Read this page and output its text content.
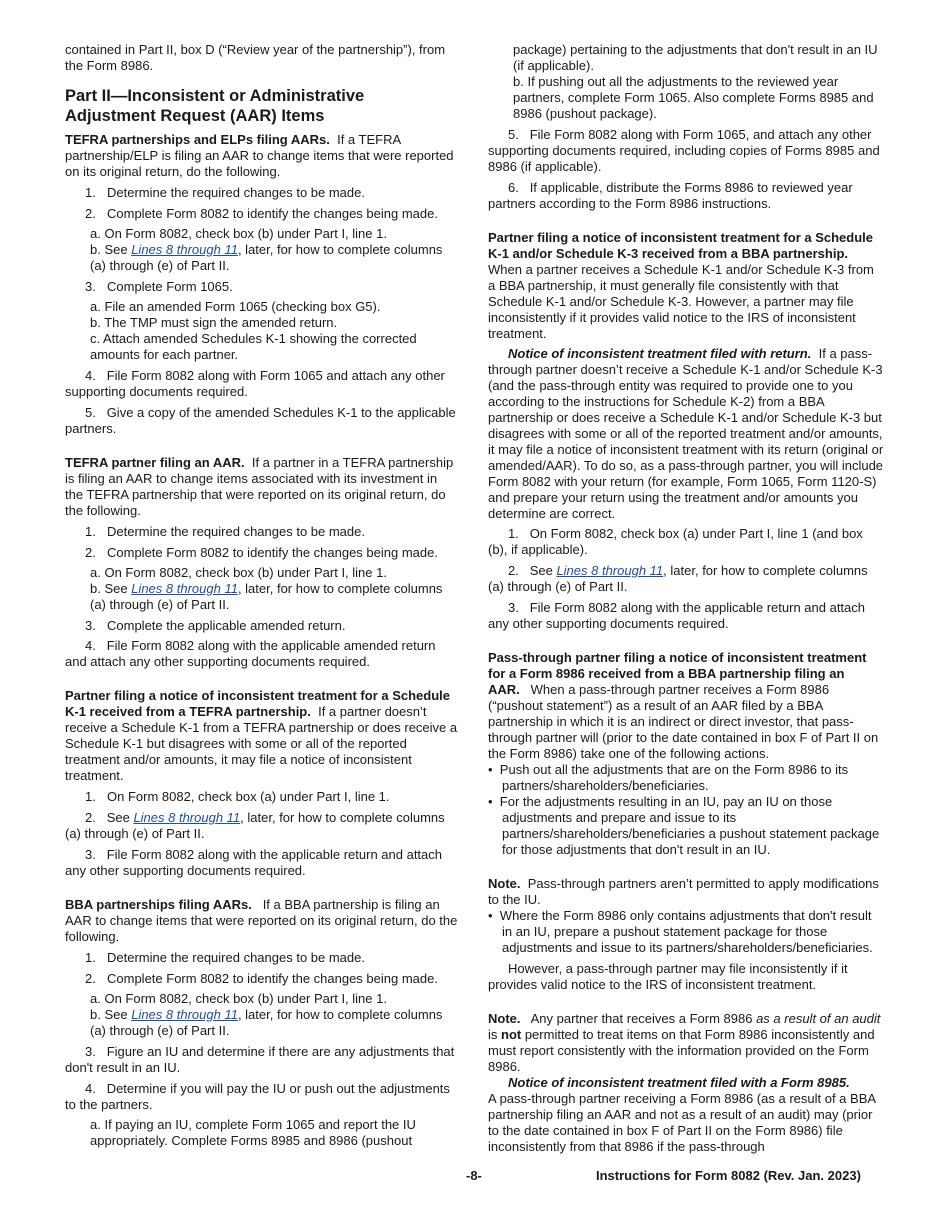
contained in Part II, box D (“Review year of the partnership”), from the Form 8986.

Part II—Inconsistent or Administrative Adjustment Request (AAR) Items

TEFRA partnerships and ELPs filing AARs. If a TEFRA partnership/ELP is filing an AAR to change items that were reported on its original return, do the following.

1. Determine the required changes to be made.

2. Complete Form 8082 to identify the changes being made.

a. On Form 8082, check box (b) under Part I, line 1.

b. See Lines 8 through 11, later, for how to complete columns (a) through (e) of Part II.

3. Complete Form 1065.

a. File an amended Form 1065 (checking box G5).

b. The TMP must sign the amended return.

c. Attach amended Schedules K-1 showing the corrected amounts for each partner.

4. File Form 8082 along with Form 1065 and attach any other supporting documents required.

5. Give a copy of the amended Schedules K-1 to the applicable partners.

TEFRA partner filing an AAR. If a partner in a TEFRA partnership is filing an AAR to change items associated with its investment in the TEFRA partnership that were reported on its original return, do the following.

1. Determine the required changes to be made.

2. Complete Form 8082 to identify the changes being made.

a. On Form 8082, check box (b) under Part I, line 1.

b. See Lines 8 through 11, later, for how to complete columns (a) through (e) of Part II.

3. Complete the applicable amended return.

4. File Form 8082 along with the applicable amended return and attach any other supporting documents required.

Partner filing a notice of inconsistent treatment for a Schedule K-1 received from a TEFRA partnership. If a partner doesn’t receive a Schedule K-1 from a TEFRA partnership or does receive a Schedule K-1 but disagrees with some or all of the reported treatment and/or amounts, it may file a notice of inconsistent treatment.

1. On Form 8082, check box (a) under Part I, line 1.

2. See Lines 8 through 11, later, for how to complete columns (a) through (e) of Part II.

3. File Form 8082 along with the applicable return and attach any other supporting documents required.

BBA partnerships filing AARs. If a BBA partnership is filing an AAR to change items that were reported on its original return, do the following.

1. Determine the required changes to be made.

2. Complete Form 8082 to identify the changes being made.

a. On Form 8082, check box (b) under Part I, line 1.

b. See Lines 8 through 11, later, for how to complete columns (a) through (e) of Part II.

3. Figure an IU and determine if there are any adjustments that don't result in an IU.

4. Determine if you will pay the IU or push out the adjustments to the partners.

a. If paying an IU, complete Form 1065 and report the IU appropriately. Complete Forms 8985 and 8986 (pushout

package) pertaining to the adjustments that don't result in an IU (if applicable).

b. If pushing out all the adjustments to the reviewed year partners, complete Form 1065. Also complete Forms 8985 and 8986 (pushout package).

5. File Form 8082 along with Form 1065, and attach any other supporting documents required, including copies of Forms 8985 and 8986 (if applicable).

6. If applicable, distribute the Forms 8986 to reviewed year partners according to the Form 8986 instructions.

Partner filing a notice of inconsistent treatment for a Schedule K-1 and/or Schedule K-3 received from a BBA partnership.  When a partner receives a Schedule K-1 and/or Schedule K-3 from a BBA partnership, it must generally file consistently with that Schedule K-1 and/or Schedule K-3. However, a partner may file inconsistently if it provides valid notice to the IRS of inconsistent treatment.

Notice of inconsistent treatment filed with return. If a pass-through partner doesn’t receive a Schedule K-1 and/or Schedule K-3 (and the pass-through entity was required to provide one to you according to the instructions for Schedule K-2) from a BBA partnership or does receive a Schedule K-1 and/or Schedule K-3 but disagrees with some or all of the reported treatment and/or amounts, it may file a notice of inconsistent treatment with its return (original or amended/AAR). To do so, as a pass-through partner, you will include Form 8082 with your return (for example, Form 1065, Form 1120-S) and prepare your return using the treatment and/or amounts you determine are correct.

1. On Form 8082, check box (a) under Part I, line 1 (and box (b), if applicable).

2. See Lines 8 through 11, later, for how to complete columns (a) through (e) of Part II.

3. File Form 8082 along with the applicable return and attach any other supporting documents required.

Pass-through partner filing a notice of inconsistent treatment for a Form 8986 received from a BBA partnership filing an AAR. When a pass-through partner receives a Form 8986 (“pushout statement”) as a result of an AAR filed by a BBA partnership in which it is an indirect or direct investor, that pass-through partner will (prior to the date contained in box F of Part II on the Form 8986) take one of the following actions.

• Push out all the adjustments that are on the Form 8986 to its partners/shareholders/beneficiaries.

• For the adjustments resulting in an IU, pay an IU on those adjustments and prepare and issue to its partners/shareholders/beneficiaries a pushout statement package for those adjustments that don't result in an IU.

Note. Pass-through partners aren’t permitted to apply modifications to the IU.

• Where the Form 8986 only contains adjustments that don't result in an IU, prepare a pushout statement package for those adjustments and issue to its partners/shareholders/beneficiaries.

However, a pass-through partner may file inconsistently if it provides valid notice to the IRS of inconsistent treatment.

Note. Any partner that receives a Form 8986 as a result of an audit is not permitted to treat items on that Form 8986 inconsistently and must report consistently with the information provided on the Form 8986.

Notice of inconsistent treatment filed with a Form 8985.

A pass-through partner receiving a Form 8986 (as a result of a BBA partnership filing an AAR and not as a result of an audit) may (prior to the date contained in box F of Part II on the Form 8986) file inconsistently from that 8986 if the pass-through

-8-	Instructions for Form 8082 (Rev. Jan. 2023)
